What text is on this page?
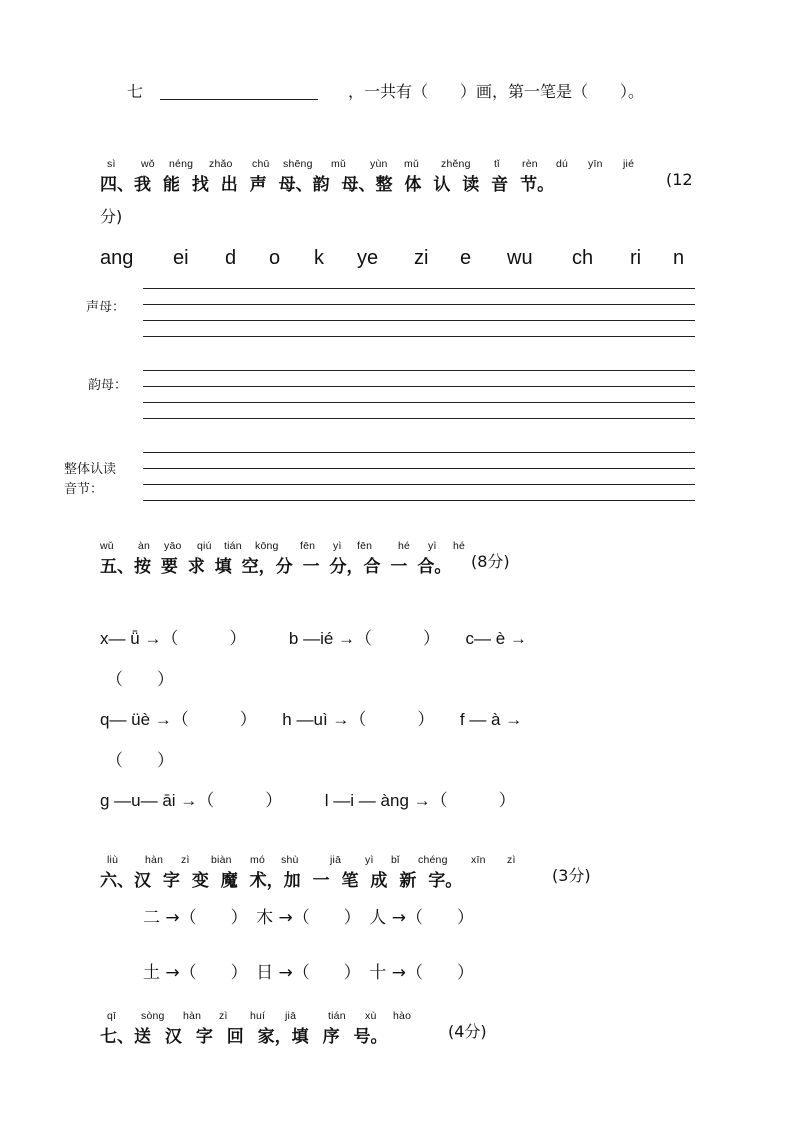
七	，一共有（　　）画，第一笔是（　　）。
sì wǒ néng zhǎo chū shēng mǔ yùn mǔ zhěng tǐ rèn dú yīn jié
四、我 能 找 出 声 母、韵 母、整 体 认 读 音 节。	(12
分)
ang ei d o k ye zi e wu ch ri n
声母：
韵母：
整体认读
音节：
wǔ àn yāo qiú tián kōng fēn yì fēn hé yì hé
五、按 要 求 填 空，分 一 分，合 一 合。 (8分)
x— ǖ →（　　　）　　　b —ié →（　　　）　　c— è →
（　　）
q— üè →（　　　）　　h —uì →（　　　）　　f — à →
（　　）
g —u— āi →（　　　）　　　l —i — àng →（　　　）
liù	hàn zì biàn mó shù	jiā yì bǐ chéng xīn zì
六、汉 字 变 魔 术，加 一 笔 成 新 字。	(3分)
二 →（　　）　木 →（　　）　人 →（　　）
土 →（　　）　日 →（　　）　十 →（　　）
qī sòng hàn zì huí jiā	tián xù hào
七、送 汉 字 回 家，填 序 号。	(4分)
